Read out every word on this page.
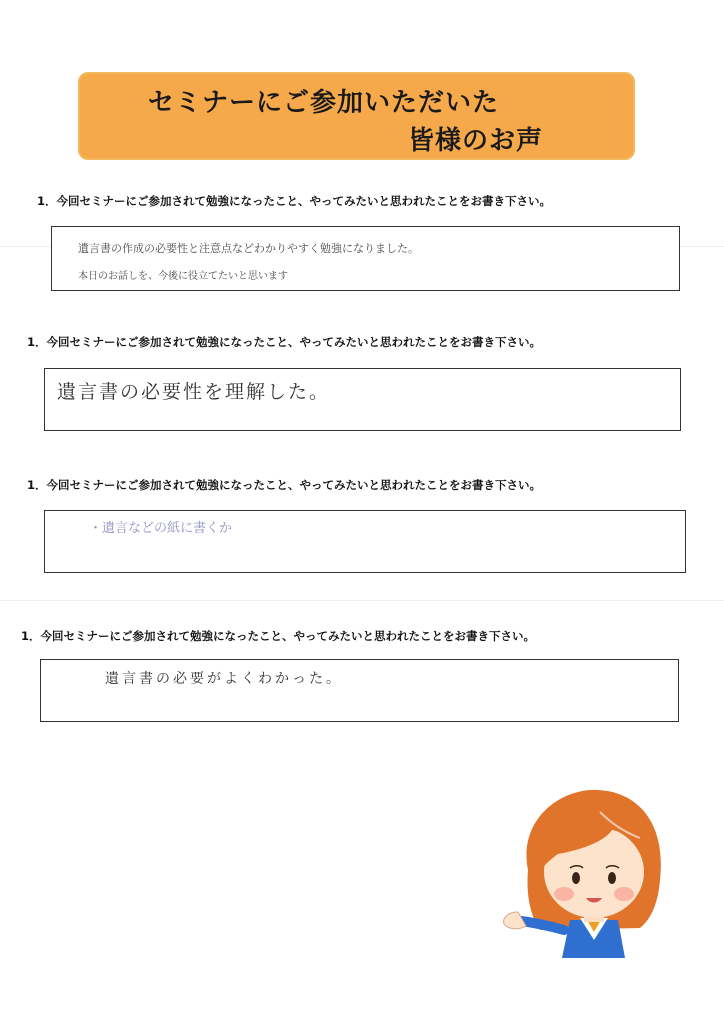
セミナーにご参加いただいた
皆様のお声
1．今回セミナーにご参加されて勉強になったこと、やってみたいと思われたことをお書き下さい。
遺言書の作成の必要性と注意点などわかりやすく勉強になりました。
本日のお話しを、今後に役立てたいと思います
1．今回セミナーにご参加されて勉強になったこと、やってみたいと思われたことをお書き下さい。
遺言書の必要性を理解した。
1．今回セミナーにご参加されて勉強になったこと、やってみたいと思われたことをお書き下さい。
・遺言などの紙に書くか
1．今回セミナーにご参加されて勉強になったこと、やってみたいと思われたことをお書き下さい。
遺言書の必要がよくわかった。
